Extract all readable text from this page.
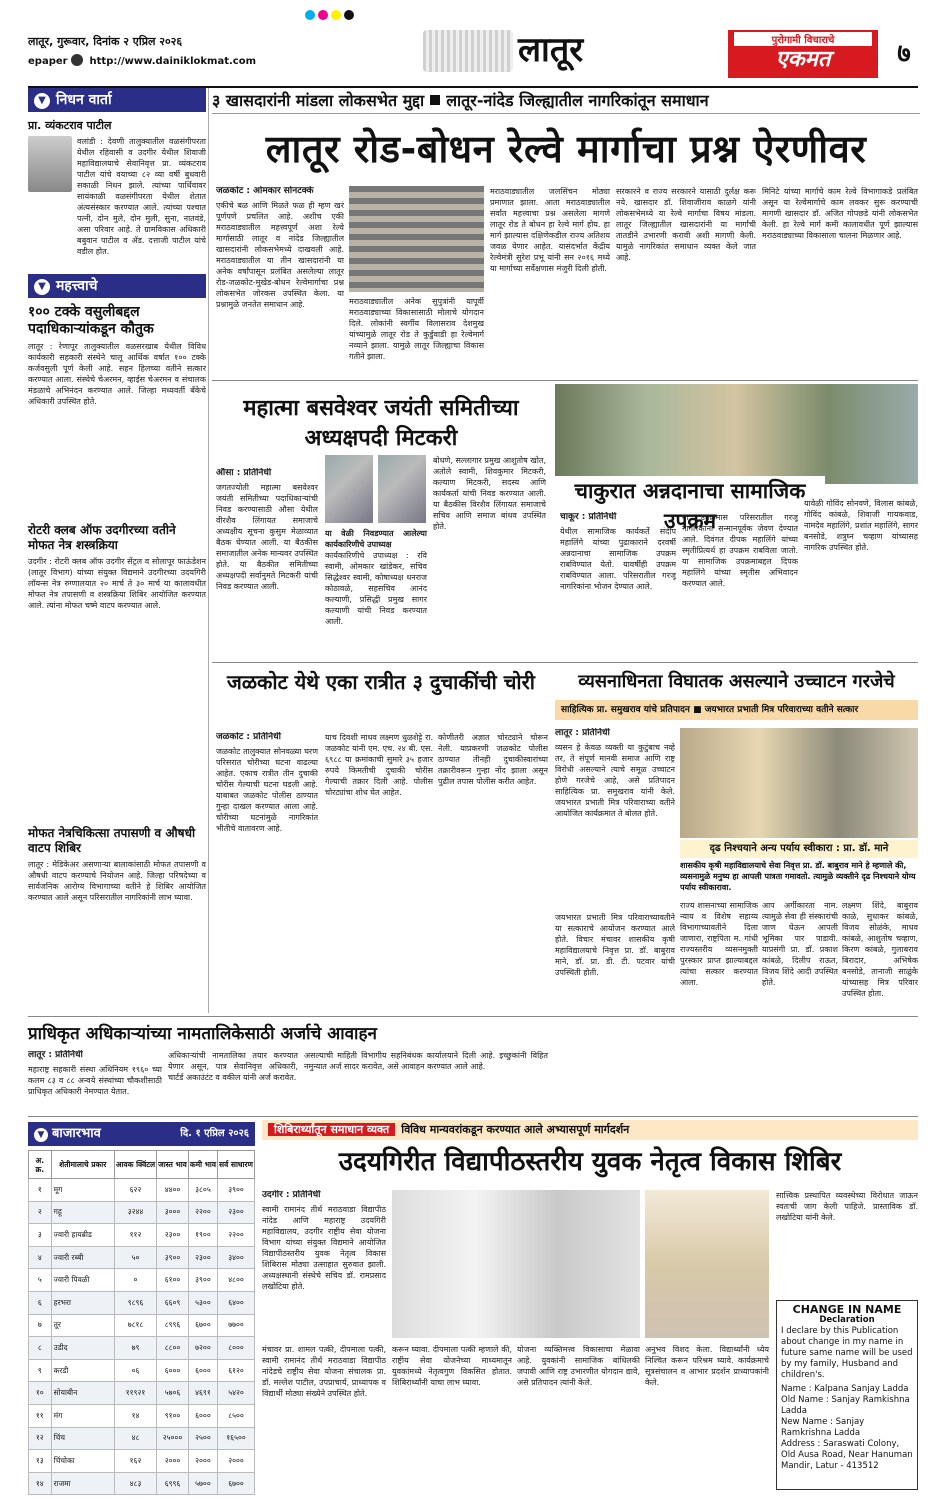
लातूर, गुरूवार, दिनांक २ एप्रिल २०२६
epaper http://www.dainiklokmat.com	लातूर	पुरोगामी विचाराचे
एकमत	७
▼ निधन वार्ता
प्रा. व्यंकटराव पाटील
वलांडी : देवणी तालुक्यातील वळसंगीपरता येथील रहिवासी व उदगीर येथील शिवाजी महाविद्यालयाचे सेवानिवृत्त प्रा. व्यंकटराव पाटील यांचे वयाच्या ८२ व्या वर्षी बुधवारी सकाळी निधन झाले. त्यांच्या पार्थिवावर सायंकाळी वळसंगीपरता येथील शेतात अंत्यसंस्कार करण्यात आले. त्यांच्या पश्चात पत्नी, दोन मुले, दोन मुली, सुना, नातवंडे, असा परिवार आहे. ते ग्रामविकास अधिकारी बबुवान पाटील व ॲड. दत्ताजी पाटील यांचे वडील होत.
▼ महत्त्वाचे
१०० टक्के वसुलीबद्दल पदाधिकाऱ्यांकडून कौतुक
लातूर : रेणापूर तालुक्यातील वळसरखाब येथील विविध कार्यकारी सहकारी संस्थेने चालू आर्थिक वर्षात १०० टक्के कर्जवसुली पूर्ण केली आहे. सहन हिलच्या वतीने सत्कार करण्यात आला. संस्थेचे चेअरमन, व्हाईस चेअरमन व संचालक मंडळाचे अभिनंदन करण्यात आले. जिल्हा मध्यवर्ती बँकेचे अधिकारी उपस्थित होते.
रोटरी क्लब ऑफ उदगीरच्या वतीने मोफत नेत्र शस्त्रक्रिया
उदगीर : रोटरी क्लब ऑफ उदगीर सेंट्रल व सोलापूर फाऊंडेशन (लातूर विभाग) यांच्या संयुक्त विद्यमाने उदगीरच्या उदयगिरी लॉयन्स नेत्र रुग्णालयात २० मार्च ते ३० मार्च या कालावधीत मोफत नेत्र तपासणी व शस्त्रक्रिया शिबिर आयोजित करण्यात आले. त्यांना मोफत चष्मे वाटप करण्यात आले.
मोफत नेत्रचिकित्सा तपासणी व औषधी वाटप शिबिर
लातूर : मेडिकेअर असणाऱ्या बालाकांसाठी मोफत तपासणी व औषधी वाटप करण्याचे नियोजन आहे. जिल्हा परिषदेच्या व सार्वजनिक आरोग्य विभागाच्या वतीने हे शिबिर आयोजित करण्यात आले असून परिसरातील नागरिकांनी लाभ घ्यावा.
३ खासदारांनी मांडला लोकसभेत मुद्दा लातूर-नांदेड जिल्ह्यातील नागरिकांतून समाधान
लातूर रोड-बोधन रेल्वे मार्गाचा प्रश्न ऐरणीवर
जळकोट : ओमकार सोनटक्के
एकीचे बळ आणि मिळते फळ ही म्हण खरं पूर्णपणे प्रचलित आहे. अशीच एकी मराठवाड्यातील महत्त्वपूर्ण अशा रेल्वे मार्गासाठी लातूर व नांदेड जिल्ह्यातील खासदारांनी लोकसभेमध्ये दाखवली आहे. मराठवाड्यातील या तीन खासदारांनी या अनेक वर्षांपासून प्रलंबित असलेल्या लातूर रोड-जळकोट-मुखेड-बोधन रेल्वेमार्गाचा प्रश्न लोकसभेत जोरकस उपस्थित केला. या प्रश्नामुळे जनतेत समाधान आहे.	मराठवाड्यातील अनेक सुपुत्रांनी यापूर्वी मराठवाड्याच्या विकासासाठी मोलाचे योगदान दिले. लोकांनी स्वर्गीय विलासराव देशमुख यांच्यामुळे लातूर रोड ते कुर्डुवाडी हा रेल्वेमार्ग नव्याने झाला. यामुळे लातूर जिल्ह्याचा विकास गतीने झाला.
मराठवाड्यातील जलसिंचन मोठ्या प्रमाणात झाला. आता मराठवाड्यातील सर्वात महत्त्वाचा प्रश्न असलेला मागणे लातूर रोड ते बोधन हा रेल्वे मार्ग होय. हा मार्ग झाल्यास दक्षिणेकडील राज्य अतिशय जवळ येणार आहेत. यासंदर्भात केंद्रीय रेल्वेमंत्री सुरेश प्रभू यांनी सन २०१६ मध्ये या मार्गाच्या सर्वेक्षणास मंजुरी दिली होती.
सरकारने व राज्य सरकारने यासाठी दुर्लक्ष करू नये. खासदार डॉ. शिवाजीराव काळगे यांनी लोकसभेमध्ये या रेल्वे मार्गाचा विषय मांडला. लातूर जिल्ह्यातील खासदारांनी या मार्गाची तातडीने उभारणी करावी अशी मागणी केली. यामुळे नागरिकांत समाधान व्यक्त केले जात आहे.
मिनिटे यांच्या मार्गाचे काम रेल्वे विभागाकडे प्रलंबित असून या रेल्वेमार्गाचे काम लवकर सुरू करण्याची मागणी खासदार डॉ. अजित गोपछडे यांनी लोकसभेत केली. हा रेल्वे मार्ग कमी कालावधीत पूर्ण झाल्यास मराठवाड्याच्या विकासाला चालना मिळणार आहे.
महात्मा बसवेश्वर जयंती समितीच्या अध्यक्षपदी मिटकरी
औसा : प्रतिनिधी
जगतज्योती महात्मा बसवेश्वर जयंती समितीच्या पदाधिकाऱ्यांची निवड करण्यासाठी औसा येथील वीरशैव लिंगायत समाजाचे अध्यक्षीय सूचना कुसुम मेळाव्यात बैठक घेण्यात आली. या बैठकीस समाजातील अनेक मान्यवर उपस्थित होते. या बैठकीत समितीच्या अध्यक्षपदी सर्वानुमते मिटकरी यांची निवड करण्यात आली.
या वेळी निवडण्यात आलेल्या कार्यकारिणीचे उपाध्यक्ष
कार्यकारिणीचे उपाध्यक्ष : रवि स्वामी, ओमकार खांडेकर, सचिव सिद्धेश्वर स्वामी, कोषाध्यक्ष धनराज कोठावळे, सहसचिव आनंद कल्याणी, प्रसिद्धी प्रमुख सागर कल्याणी यांची निवड करण्यात आली.
बोधणे, सल्लागार प्रमुख आशुतोष खोत, अतोले स्वामी, शिवकुमार मिटकरी, कल्याण मिटकरी, सदस्य आणि कार्यकर्ता यांची निवड करण्यात आली. या बैठकीस विरशैव लिंगायत समाजाचे सचिव आणि समाज बांधव उपस्थित होते.
चाकुरात अन्नदानाचा सामाजिक उपक्रम
चाकूर : प्रतिनिधी
येथील सामाजिक कार्यकर्ते संदीप महालिंगे यांच्या पुढाकाराने दरवर्षी अन्नदानाचा सामाजिक उपक्रम राबविण्यात येतो. यावर्षीही उपक्रम राबविण्यात आला. परिसरातील गरजू नागरिकांना भोजन देण्यात आले.
या उपक्रमास परिसरातील गरजू नागरिकांना सन्मानपूर्वक जेवण देण्यात आले. दिवंगत दीपक महालिंगे यांच्या स्मृतीप्रित्यर्थ हा उपक्रम राबविला जातो. या सामाजिक उपक्रमाबद्दल दिपक महालिंगे यांच्या स्मृतीस अभिवादन करण्यात आले.
यावेळी गोविंद सोनवणे, विलास कांबळे, गोविंद कांबळे, शिवाजी गायकवाड, नामदेव महालिंगे, प्रशांत महालिंगे, सागर बनसोडे, शत्रुघ्न चव्हाण यांच्यासह नागरिक उपस्थित होते.
जळकोट येथे एका रात्रीत ३ दुचाकींची चोरी
जळकोट : प्रतिनिधी
जळकोट तालुक्यात सोनवळ्या घरण परिसरात चोरीच्या घटना वाढल्या आहेत. एकाच रात्रीत तीन दुचाकी चोरीस गेल्याची घटना घडली आहे. याबाबत जळकोट पोलीस ठाण्यात गुन्हा दाखल करण्यात आला आहे. चोरीच्या घटनांमुळे नागरिकांत भीतीचे वातावरण आहे.
याच दिवशी माधव लक्ष्मण धुळशेट्टे रा. जळकोट यांनी एम. एच. २४ बी. एस. ६९८८ या क्रमांकाची सुमारे ३५ हजार रुपये किमतीची दुचाकी चोरीस गेल्याची तक्रार दिली आहे. पोलीस चोरट्यांचा शोध घेत आहेत.
कोणीतरी अज्ञात चोरट्याने चोरून नेली. याप्रकरणी जळकोट पोलीस ठाण्यात तीनही दुचाकीस्वारांच्या तक्रारीवरून गुन्हा नोंद झाला असून पुढील तपास पोलीस करीत आहेत.
व्यसनाधिनता विघातक असल्याने उच्चाटन गरजेचे
साहित्यिक प्रा. समुखराव यांचे प्रतिपादन ■ जयभारत प्रभाती मित्र परिवाराच्या वतीने सत्कार
लातूर : प्रतिनिधी
व्यसन हे केवळ व्यक्ती या कुटुंबाच नव्हे तर, ते संपूर्ण मानवी समाज आणि राष्ट्र विरोधी असल्याने त्याचे समूळ उच्चाटन होणे गरजेचे आहे, असे प्रतिपादन साहित्यिक प्रा. समुखराव यांनी केले. जयभारत प्रभाती मित्र परिवाराच्या वतीने आयोजित कार्यक्रमात ते बोलत होते.
दृढ निश्चयाने अन्य पर्याय स्वीकारा : प्रा. डॉ. माने
शासकीय कृषी महाविद्यालयाचे सेवा निवृत्त प्रा. डॉ. बाबुराव माने हे म्हणाले की, व्यसनामुळे मनुष्य हा आपली पात्रता गमावतो. त्यामुळे व्यक्तीने दृढ निश्चयाने योग्य पर्याय स्वीकारावा.
जयभारत प्रभाती मित्र परिवाराच्यावतीने या सत्काराचे आयोजन करण्यात आले होते. विचार मंचावर शासकीय कृषी महाविद्यालयाचे निवृत्त प्रा. डॉ. बाबुराव माने, डॉ. प्रा. डी. टी. पटवार यांची उपस्थिती होती.
राज्य शासनाच्या सामाजिक न्याय व विशेष सहाय्य विभागाच्यावतीने दिला जाणारा, राष्ट्रपिता म. गांधी राज्यस्तरीय व्यसनमुक्ती पुरस्कार प्राप्त झाल्याबद्दल त्यांचा सत्कार करण्यात आला.
आप अर्गीकारता नाम. त्यामुळे सेवा ही संस्कारांची जाण घेऊन आपली भूमिका पार पाडावी. याप्रसंगी प्रा. डॉ. प्रकाश कांबळे, दिलीप राऊत, विजय शिंदे आदी उपस्थित होते.
लक्ष्मण शिंदे, बाबुराव काळे, सुधाकर कांबळे, विजय सोळंके, माधव कांबळे, आशुतोष चव्हाण, किरण कांबळे, गुलाबराव बिरादार, अभिषेक बनसोडे, तानाजी साळुंके यांच्यासह मित्र परिवार उपस्थित होता.
प्राधिकृत अधिकाऱ्यांच्या नामतालिकेसाठी अर्जाचे आवाहन
लातूर : प्रतिनिधी
महाराष्ट्र सहकारी संस्था अधिनियम १९६० च्या कलम ८३ व ८८ अन्वये संस्थांच्या चौकशीसाठी प्राधिकृत अधिकारी नेमण्यात येतात.
अधिकाऱ्यांची नामतालिका तयार करण्यात येणार असून, पात्र सेवानिवृत्त अधिकारी, चार्टर्ड अकाउंटंट व वकील यांनी अर्ज करावेत.
असल्याची माहिती विभागीय सहनिबंधक कार्यालयाने दिली आहे. इच्छुकांनी विहित नमुन्यात अर्ज सादर करावेत, असे आवाहन करण्यात आले आहे.
▼ बाजारभाव	दि. १ एप्रिल २०२६
अ. क्र.	शेतीमालाचे प्रकार	आवक क्विंटल	जास्त भाव	कमी भाव	सर्व साधारण
१	मूग	६२२	४४००	३८०५	३९००
२	गहू	३२४४	३०००	२२००	२३००
३	ज्वारी हायब्रीड	११२	२३००	१९००	२२००
४	ज्वारी रब्बी	५०	३९००	२३००	३४००
५	ज्वारी पिवळी	०	६१००	३९००	४८००
६	हरभरा	९८९६	६६०९	५३००	६४००
७	तूर	७८१८	८९९६	६७००	७७००
८	उडीद	७९	८८००	७२००	८०००
९	करडी	०६	६०००	६०००	६१२०
१०	सोयाबीन	११९२१	५७०६	४६९१	५४२०
११	मंग	१४	९१००	६०००	८५००
१२	चिंच	४८	२५०००	२५००	१६५००
१३	चिंचोका	१६२	२०००	२०००	२०००
१४	राजमा	४८३	६९९६	५७००	६७००
शिबिरार्थ्यांतून समाधान व्यक्त विविध मान्यवरांकडून करण्यात आले अभ्यासपूर्ण मार्गदर्शन
उदयगिरीत विद्यापीठस्तरीय युवक नेतृत्व विकास शिबिर
उदगीर : प्रतिनिधी
स्वामी रामानंद तीर्थ मराठवाडा विद्यापीठ नांदेड आणि महाराष्ट्र उदयगिरी महाविद्यालय, उदगीर राष्ट्रीय सेवा योजना विभाग यांच्या संयुक्त विद्यमाने आयोजित विद्यापीठस्तरीय युवक नेतृत्व विकास शिबिरास मोठ्या उत्साहात सुरुवात झाली. अध्यक्षस्थानी संस्थेचे सचिव डॉ. रामप्रसाद लखोटिया होते.
मंचावर प्रा. शामल पत्की, दीपमाला पत्की, स्वामी रामानंद तीर्थ मराठवाडा विद्यापीठ नांदेडचे राष्ट्रीय सेवा योजना संचालक प्रा. डॉ. मल्लेश पाटील, उपप्राचार्य, प्राध्यापक व विद्यार्थी मोठ्या संख्येने उपस्थित होते.
करून घ्यावा. दीपमाला पत्की म्हणाले की, राष्ट्रीय सेवा योजनेच्या माध्यमातून युवकांमध्ये नेतृत्वगुण विकसित होतात. शिबिरार्थ्यांनी याचा लाभ घ्यावा.
योजना व्यक्तिमत्त्व विकासाचा मेळावा आहे. युवकांनी सामाजिक बांधिलकी जपावी आणि राष्ट्र उभारणीत योगदान द्यावे, असे प्रतिपादन त्यांनी केले.
अनुभव विशद केला. विद्यार्थ्यांनी ध्येय निश्चित करून परिश्रम घ्यावे. कार्यक्रमाचे सूत्रसंचालन व आभार प्रदर्शन प्राध्यापकांनी केले.
सात्त्विक प्रस्थापित व्यवस्थेच्या विरोधात जाऊन स्वतःची जाग केली पाहिजे. प्रास्ताविक डॉ. लखोटिया यांनी केले.
CHANGE IN NAME
Declaration
I declare by this Publication about change in my name in future same name will be used by my family, Husband and children's.
Name : Kalpana Sanjay Ladda
Old Name : Sanjay Ramkishna Ladda
New Name : Sanjay Ramkrishna Ladda
Address : Saraswati Colony, Old Ausa Road, Near Hanuman Mandir, Latur - 413512
